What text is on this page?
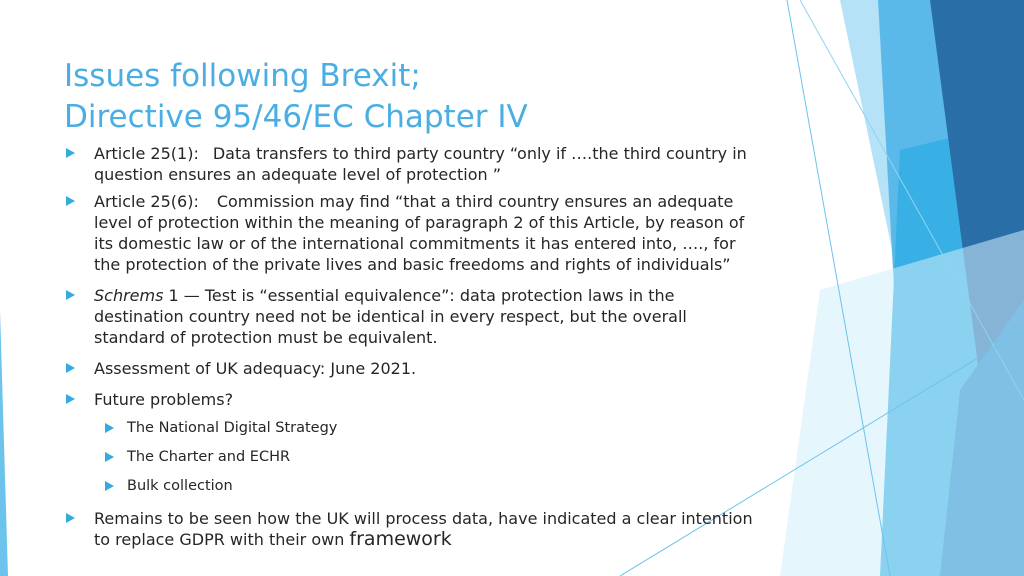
Issues following Brexit;
Directive 95/46/EC Chapter IV
Article 25(1): Data transfers to third party country “only if ….the third country in question ensures an adequate level of protection ”
Article 25(6): Commission may find “that a third country ensures an adequate level of protection within the meaning of paragraph 2 of this Article, by reason of its domestic law or of the international commitments it has entered into, …., for the protection of the private lives and basic freedoms and rights of individuals”
Schrems 1 — Test is “essential equivalence”: data protection laws in the destination country need not be identical in every respect, but the overall standard of protection must be equivalent.
Assessment of UK adequacy: June 2021.
Future problems?
The National Digital Strategy
The Charter and ECHR
Bulk collection
Remains to be seen how the UK will process data, have indicated a clear intention to replace GDPR with their own framework
